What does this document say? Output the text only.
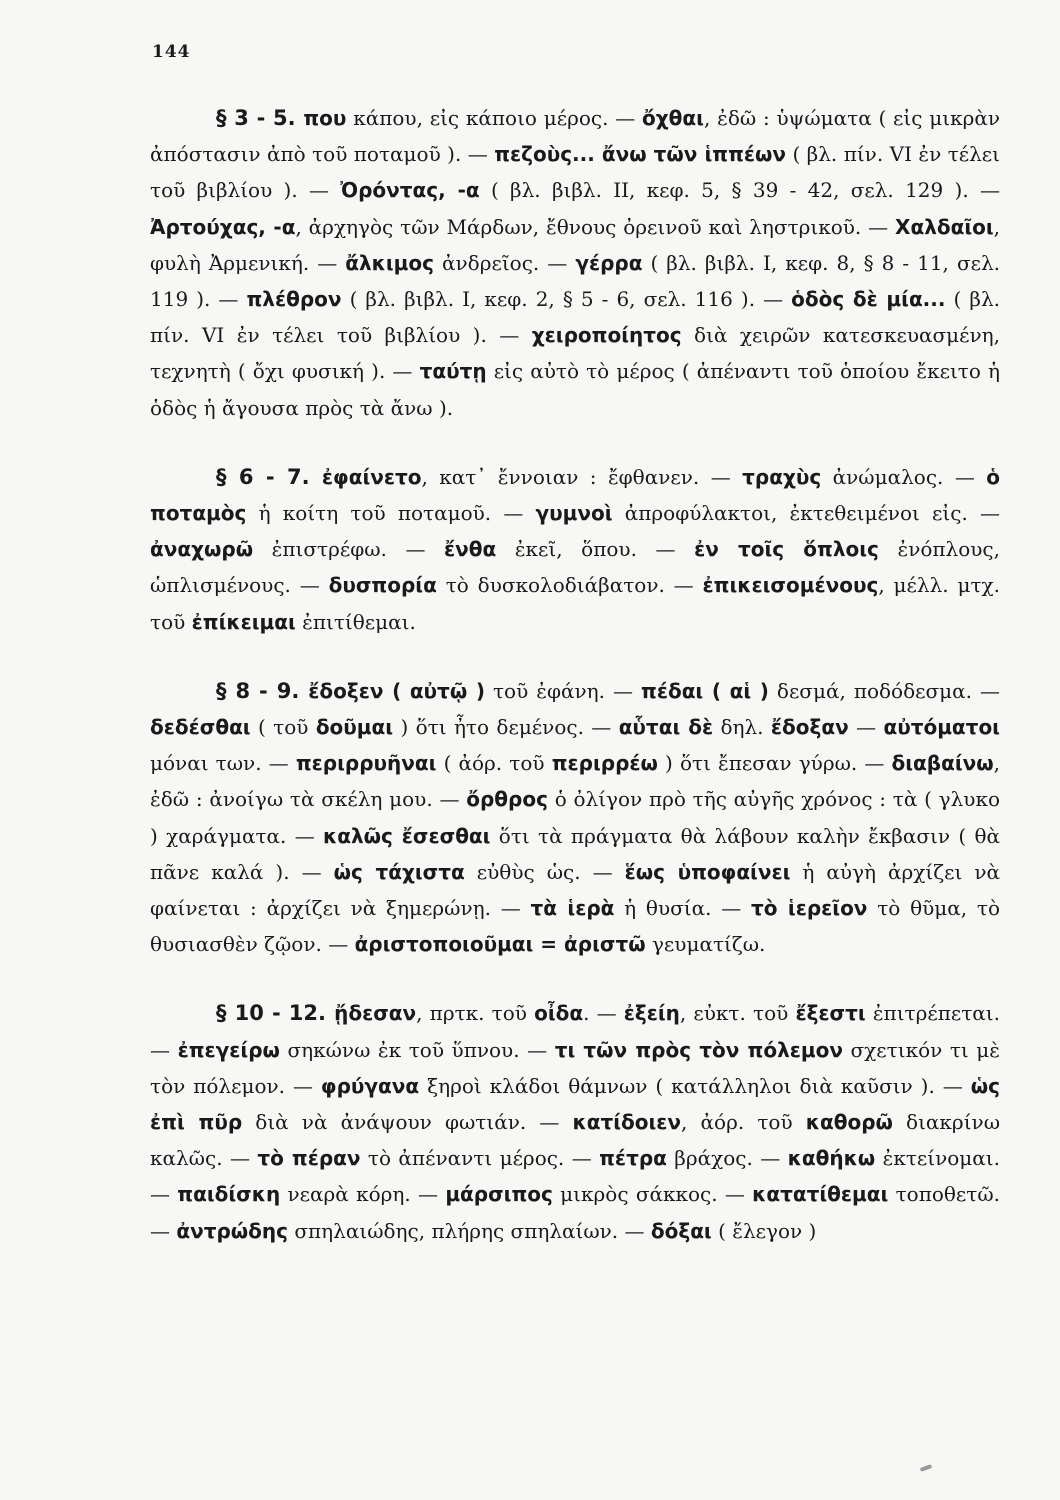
144

§ 3 - 5. που κάπου, εἰς κάποιο μέρος. — ὄχθαι, ἐδῶ : ὑψώματα ( εἰς μικρὰν ἀπόστασιν ἀπὸ τοῦ ποταμοῦ ). — πεζοὺς... ἄνω τῶν ἱππέων ( βλ. πίν. VI ἐν τέλει τοῦ βιβλίου ). — Ὀρόντας, -α ( βλ. βιβλ. II, κεφ. 5, § 39 - 42, σελ. 129 ). — Ἀρτούχας, -α, ἀρχηγὸς τῶν Μάρδων, ἔθνους ὀρεινοῦ καὶ ληστρικοῦ. — Χαλδαῖοι, φυλὴ Ἀρμενική. — ἄλκιμος ἀνδρεῖος. — γέρρα ( βλ. βιβλ. I, κεφ. 8, § 8 - 11, σελ. 119 ). — πλέθρον ( βλ. βιβλ. I, κεφ. 2, § 5 - 6, σελ. 116 ). — ὁδὸς δὲ μία... ( βλ. πίν. VI ἐν τέλει τοῦ βιβλίου ). — χειροποίητος διὰ χειρῶν κατεσκευασμένη, τεχνητὴ ( ὄχι φυσική ). — ταύτῃ εἰς αὐτὸ τὸ μέρος ( ἀπέναντι τοῦ ὁποίου ἔκειτο ἡ ὁδὸς ἡ ἄγουσα πρὸς τὰ ἄνω ).

§ 6 - 7. ἐφαίνετο, κατ᾽ ἔννοιαν : ἔφθανεν. — τραχὺς ἀνώμαλος. — ὁ ποταμὸς ἡ κοίτη τοῦ ποταμοῦ. — γυμνοὶ ἀπροφύλακτοι, ἐκτεθειμένοι εἰς. — ἀναχωρῶ ἐπιστρέφω. — ἔνθα ἐκεῖ, ὅπου. — ἐν τοῖς ὅπλοις ἐνόπλους, ὡπλισμένους. — δυσπορία τὸ δυσκολοδιάβατον. — ἐπικεισομένους, μέλλ. μτχ. τοῦ ἐπίκειμαι ἐπιτίθεμαι.

§ 8 - 9. ἔδοξεν ( αὐτῷ ) τοῦ ἐφάνη. — πέδαι ( αἱ ) δεσμά, ποδόδεσμα. — δεδέσθαι ( τοῦ δοῦμαι ) ὅτι ἦτο δεμένος. — αὗται δὲ δηλ. ἔδοξαν — αὐτόματοι μόναι των. — περιρρυῆναι ( ἀόρ. τοῦ περιρρέω ) ὅτι ἔπεσαν γύρω. — διαβαίνω, ἐδῶ : ἀνοίγω τὰ σκέλη μου. — ὄρθρος ὁ ὀλίγον πρὸ τῆς αὐγῆς χρόνος : τὰ ( γλυκο ) χαράγματα. — καλῶς ἔσεσθαι ὅτι τὰ πράγματα θὰ λάβουν καλὴν ἔκβασιν ( θὰ πᾶνε καλά ). — ὡς τάχιστα εὐθὺς ὡς. — ἕως ὑποφαίνει ἡ αὐγὴ ἀρχίζει νὰ φαίνεται : ἀρχίζει νὰ ξημερώνῃ. — τὰ ἱερὰ ἡ θυσία. — τὸ ἱερεῖον τὸ θῦμα, τὸ θυσιασθὲν ζῷον. — ἀριστοποιοῦμαι = ἀριστῶ γευματίζω.

§ 10 - 12. ᾔδεσαν, πρτκ. τοῦ οἶδα. — ἐξείη, εὐκτ. τοῦ ἔξεστι ἐπιτρέπεται. — ἐπεγείρω σηκώνω ἐκ τοῦ ὕπνου. — τι τῶν πρὸς τὸν πόλεμον σχετικόν τι μὲ τὸν πόλεμον. — φρύγανα ξηροὶ κλάδοι θάμνων ( κατάλληλοι διὰ καῦσιν ). — ὡς ἐπὶ πῦρ διὰ νὰ ἀνάψουν φωτιάν. — κατίδοιεν, ἀόρ. τοῦ καθορῶ διακρίνω καλῶς. — τὸ πέραν τὸ ἀπέναντι μέρος. — πέτρα βράχος. — καθήκω ἐκτείνομαι. — παιδίσκη νεαρὰ κόρη. — μάρσιπος μικρὸς σάκκος. — κατατίθεμαι τοποθετῶ. — ἀντρώδης σπηλαιώδης, πλήρης σπηλαίων. — δόξαι ( ἔλεγον )
